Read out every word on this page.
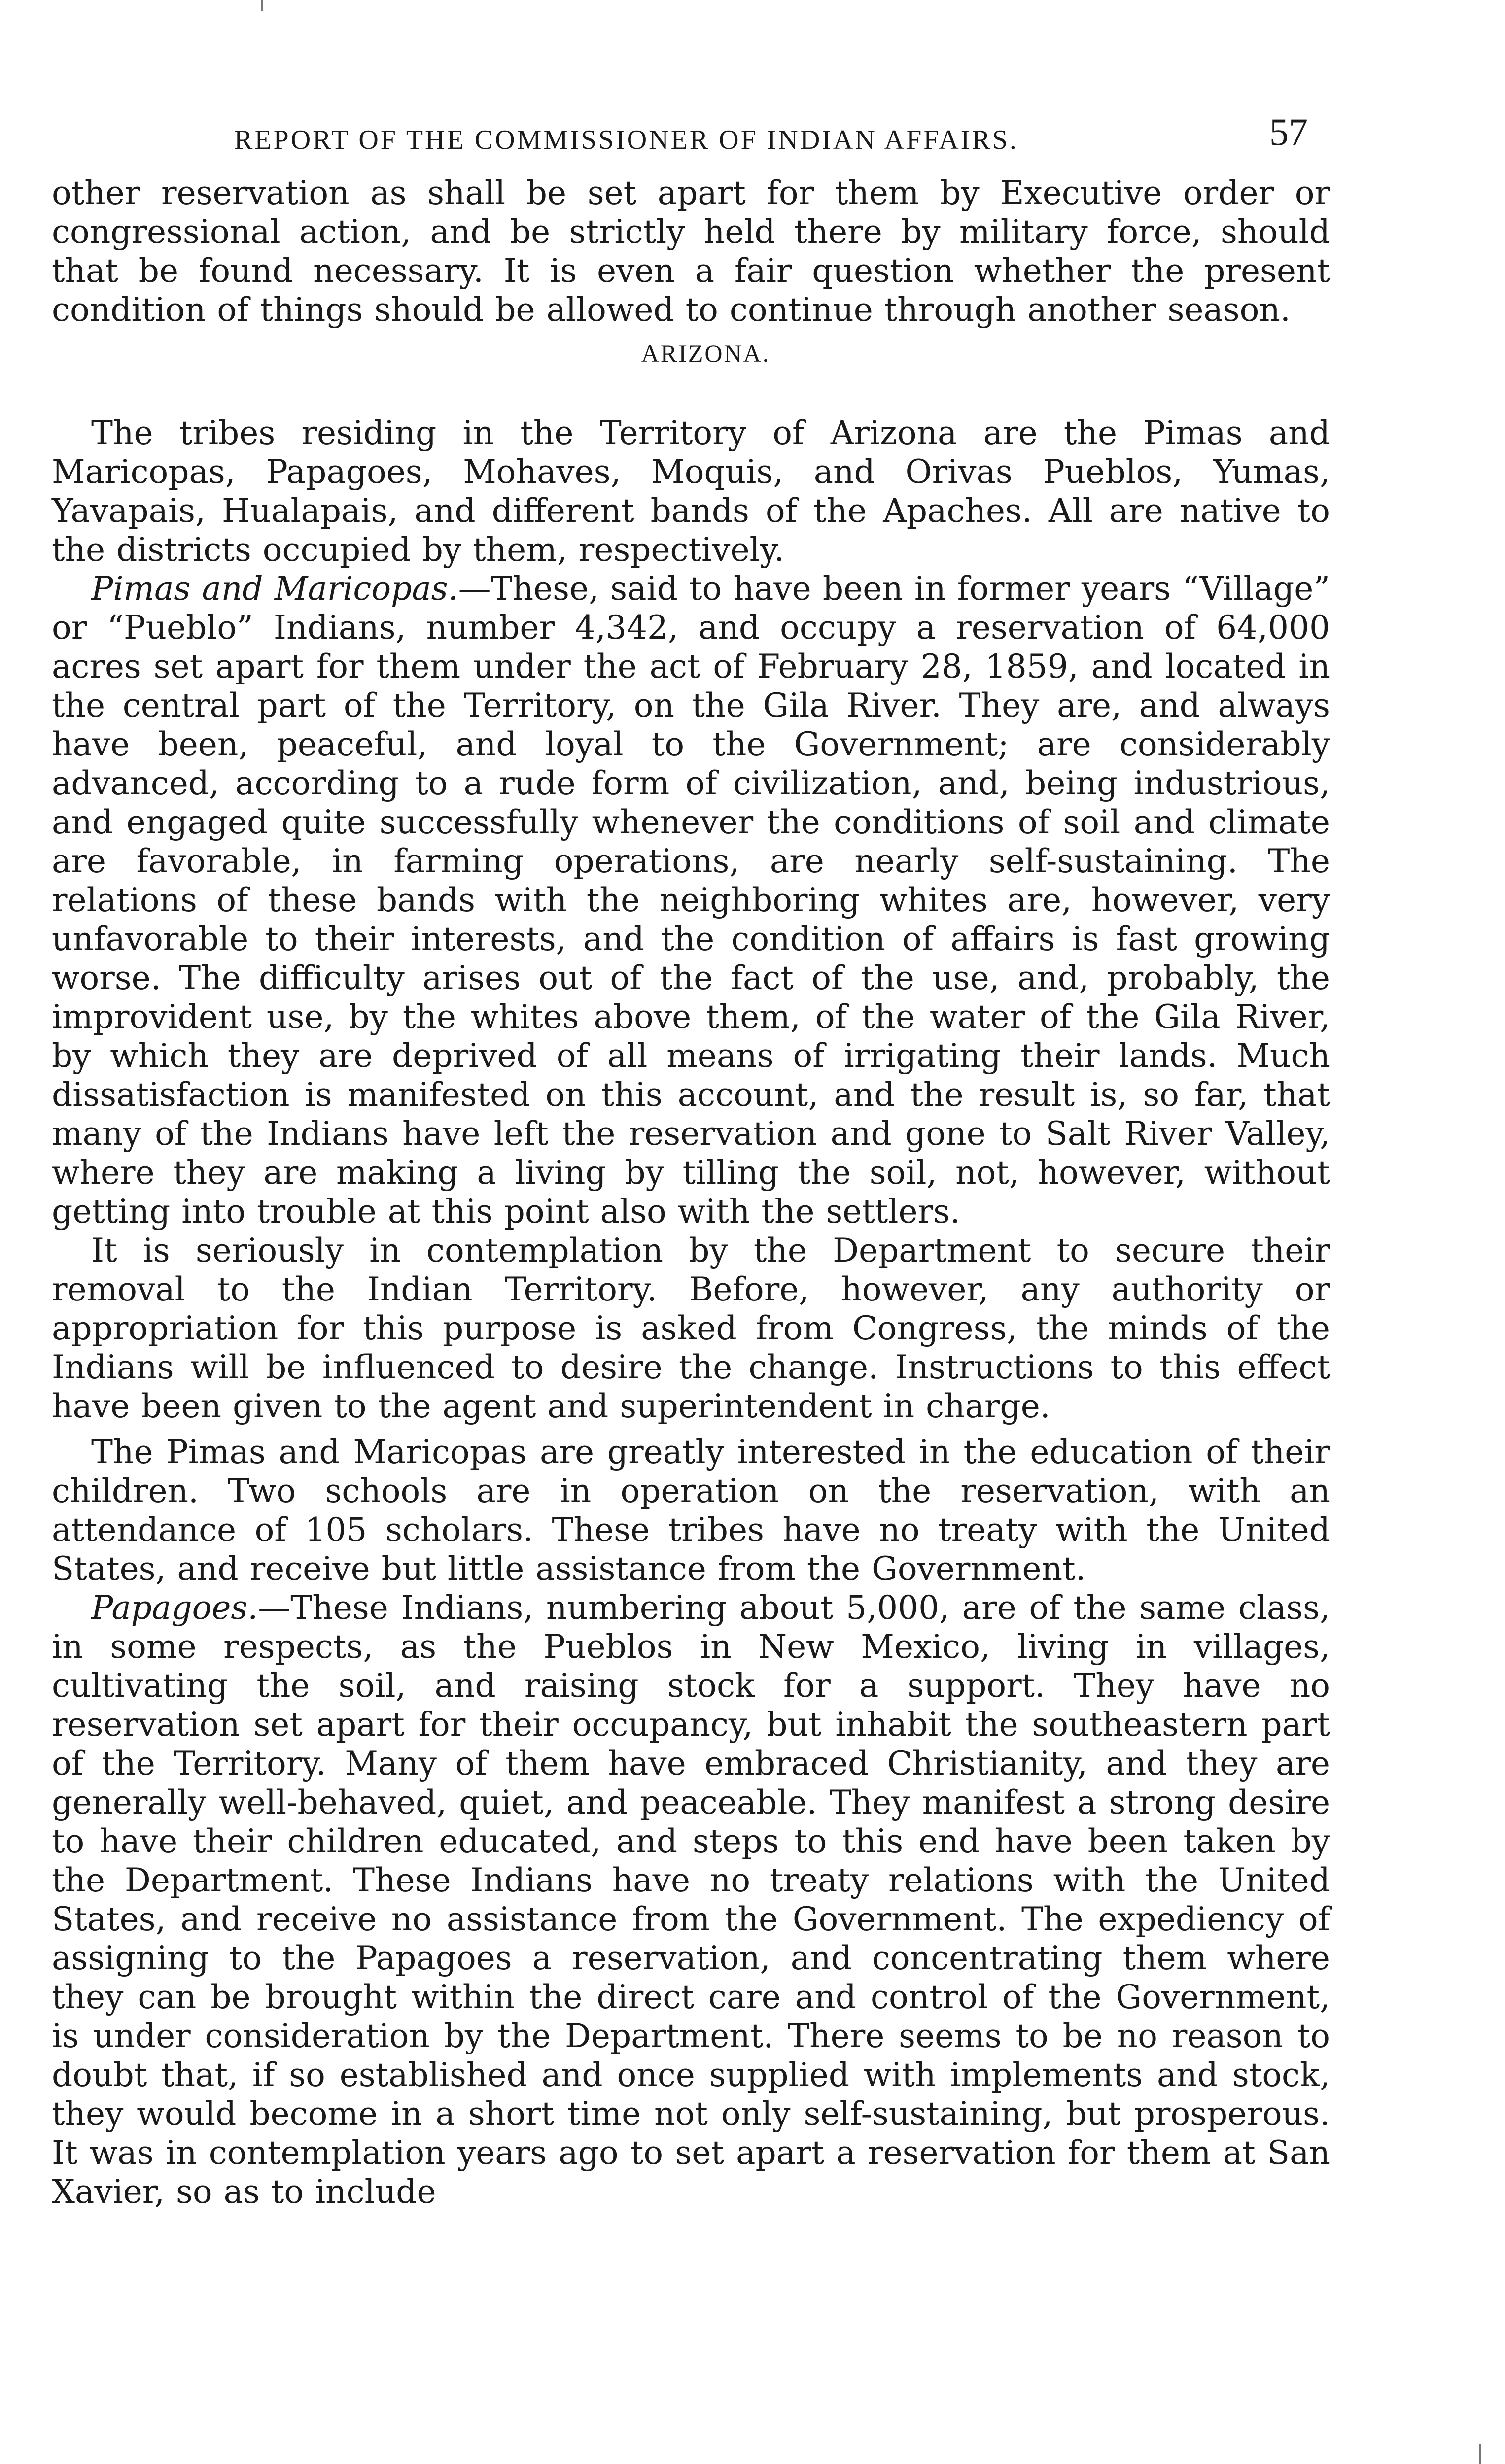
REPORT OF THE COMMISSIONER OF INDIAN AFFAIRS.	57

other reservation as shall be set apart for them by Executive order or congressional action, and be strictly held there by military force, should that be found necessary. It is even a fair question whether the present condition of things should be allowed to continue through another season.

ARIZONA.

The tribes residing in the Territory of Arizona are the Pimas and Maricopas, Papagoes, Mohaves, Moquis, and Orivas Pueblos, Yumas, Yavapais, Hualapais, and different bands of the Apaches. All are native to the districts occupied by them, respectively.

Pimas and Maricopas.—These, said to have been in former years “Village” or “Pueblo” Indians, number 4,342, and occupy a reservation of 64,000 acres set apart for them under the act of February 28, 1859, and located in the central part of the Territory, on the Gila River. They are, and always have been, peaceful, and loyal to the Government; are considerably advanced, according to a rude form of civilization, and, being industrious, and engaged quite successfully whenever the conditions of soil and climate are favorable, in farming operations, are nearly self-sustaining. The relations of these bands with the neighboring whites are, however, very unfavorable to their interests, and the condition of affairs is fast growing worse. The difficulty arises out of the fact of the use, and, probably, the improvident use, by the whites above them, of the water of the Gila River, by which they are deprived of all means of irrigating their lands. Much dissatisfaction is manifested on this account, and the result is, so far, that many of the Indians have left the reservation and gone to Salt River Valley, where they are making a living by tilling the soil, not, however, without getting into trouble at this point also with the settlers.

It is seriously in contemplation by the Department to secure their removal to the Indian Territory. Before, however, any authority or appropriation for this purpose is asked from Congress, the minds of the Indians will be influenced to desire the change. Instructions to this effect have been given to the agent and superintendent in charge.

The Pimas and Maricopas are greatly interested in the education of their children. Two schools are in operation on the reservation, with an attendance of 105 scholars. These tribes have no treaty with the United States, and receive but little assistance from the Government.

Papagoes.—These Indians, numbering about 5,000, are of the same class, in some respects, as the Pueblos in New Mexico, living in villages, cultivating the soil, and raising stock for a support. They have no reservation set apart for their occupancy, but inhabit the southeastern part of the Territory. Many of them have embraced Christianity, and they are generally well-behaved, quiet, and peaceable. They manifest a strong desire to have their children educated, and steps to this end have been taken by the Department. These Indians have no treaty relations with the United States, and receive no assistance from the Government. The expediency of assigning to the Papagoes a reservation, and concentrating them where they can be brought within the direct care and control of the Government, is under consideration by the Department. There seems to be no reason to doubt that, if so established and once supplied with implements and stock, they would become in a short time not only self-sustaining, but prosperous. It was in contemplation years ago to set apart a reservation for them at San Xavier, so as to include
